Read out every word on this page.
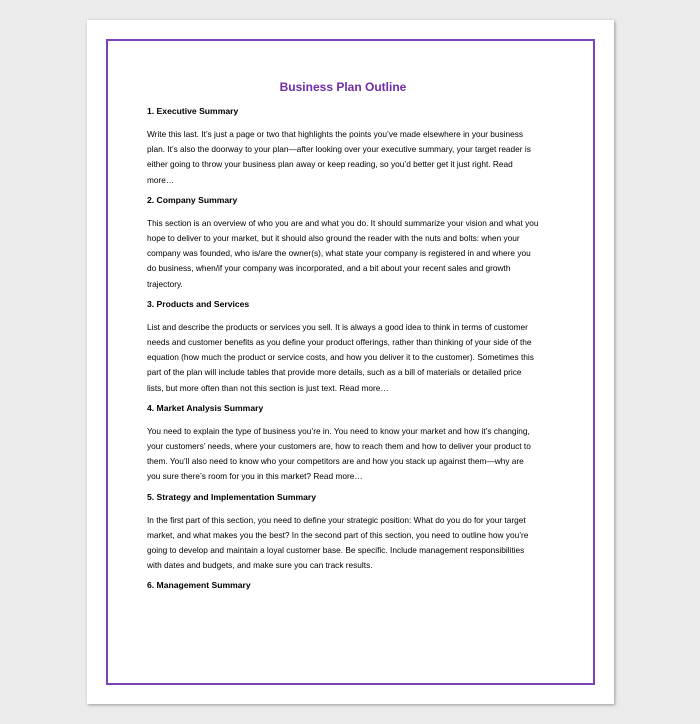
Business Plan Outline
1. Executive Summary
Write this last. It’s just a page or two that highlights the points you’ve made elsewhere in your business plan. It’s also the doorway to your plan—after looking over your executive summary, your target reader is either going to throw your business plan away or keep reading, so you’d better get it just right. Read more…
2. Company Summary
This section is an overview of who you are and what you do. It should summarize your vision and what you hope to deliver to your market, but it should also ground the reader with the nuts and bolts: when your company was founded, who is/are the owner(s), what state your company is registered in and where you do business, when/if your company was incorporated, and a bit about your recent sales and growth trajectory.
3. Products and Services
List and describe the products or services you sell. It is always a good idea to think in terms of customer needs and customer benefits as you define your product offerings, rather than thinking of your side of the equation (how much the product or service costs, and how you deliver it to the customer). Sometimes this part of the plan will include tables that provide more details, such as a bill of materials or detailed price lists, but more often than not this section is just text. Read more…
4. Market Analysis Summary
You need to explain the type of business you’re in. You need to know your market and how it’s changing, your customers’ needs, where your customers are, how to reach them and how to deliver your product to them. You’ll also need to know who your competitors are and how you stack up against them—why are you sure there’s room for you in this market? Read more…
5. Strategy and Implementation Summary
In the first part of this section, you need to define your strategic position: What do you do for your target market, and what makes you the best? In the second part of this section, you need to outline how you’re going to develop and maintain a loyal customer base. Be specific. Include management responsibilities with dates and budgets, and make sure you can track results.
6. Management Summary
